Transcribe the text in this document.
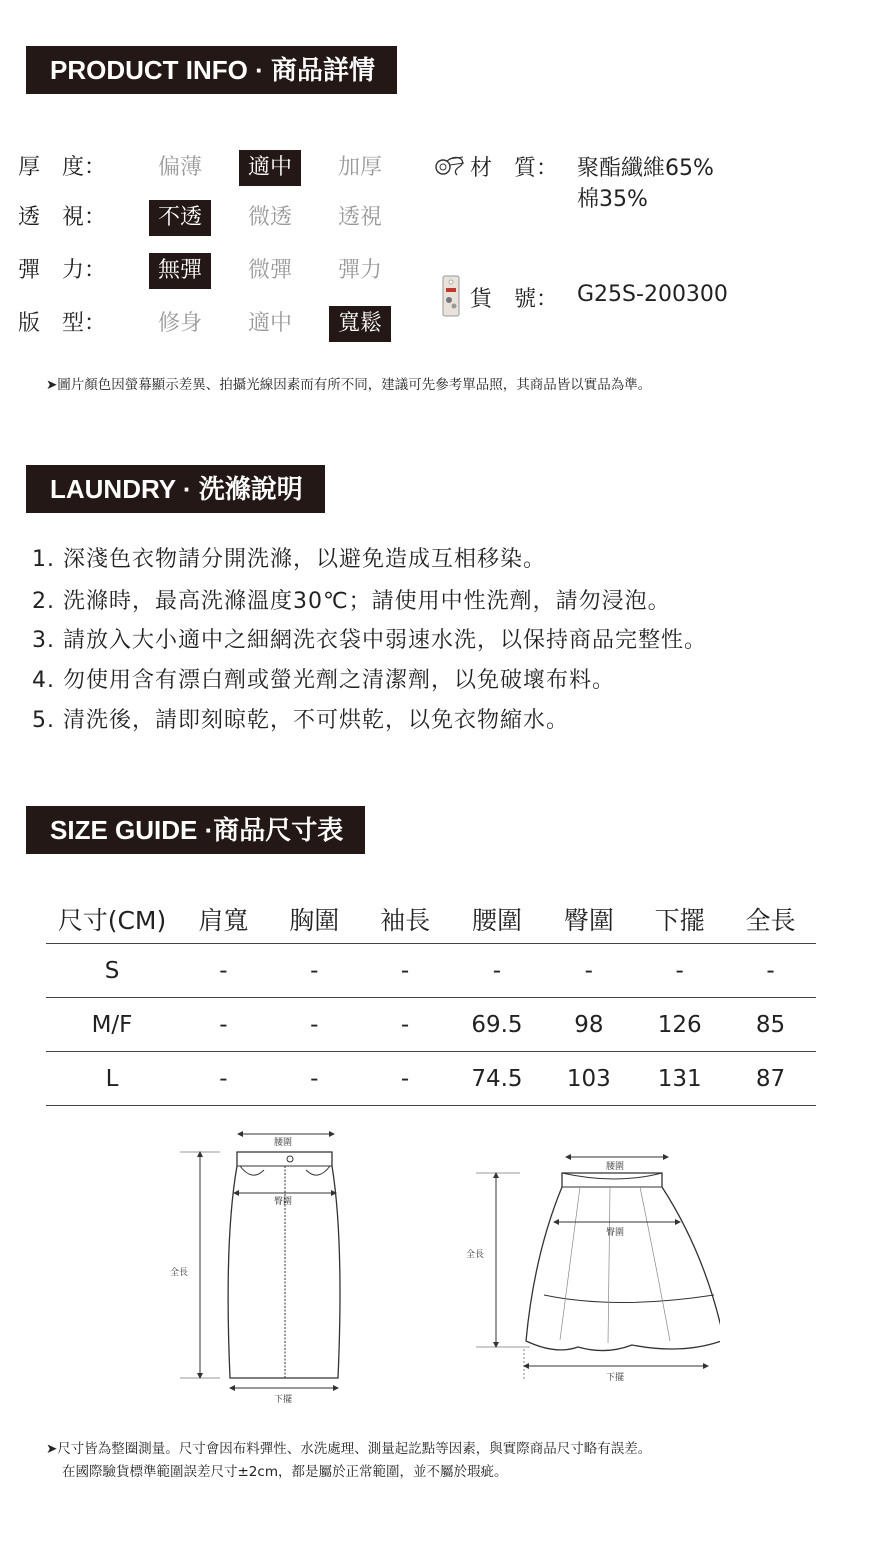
PRODUCT INFO · 商品詳情
厚　度：	偏薄	適中	加厚
透　視：	不透	微透 透視
彈　力：	無彈	微彈 彈力
版　型：	修身 適中	寬鬆
材　質： 聚酯纖維65%
棉35%
貨　號： G25S-200300
➤圖片顏色因螢幕顯示差異、拍攝光線因素而有所不同，建議可先參考單品照，其商品皆以實品為準。
LAUNDRY · 洗滌說明
1. 深淺色衣物請分開洗滌，以避免造成互相移染。
2. 洗滌時，最高洗滌溫度30℃；請使用中性洗劑，請勿浸泡。
3. 請放入大小適中之細網洗衣袋中弱速水洗，以保持商品完整性。
4. 勿使用含有漂白劑或螢光劑之清潔劑，以免破壞布料。
5. 清洗後，請即刻晾乾，不可烘乾，以免衣物縮水。
SIZE GUIDE ·商品尺寸表
尺寸(CM)	肩寬	胸圍	袖長	腰圍	臀圍	下擺	全長
S	-	-	-	-	-	-	-
M/F	-	-	-	69.5	98	126	85
L	-	-	-	74.5	103	131	87
腰圍
臀圍
全長
下擺
腰圍
臀圍
全長
下擺
➤尺寸皆為整圈測量。尺寸會因布料彈性、水洗處理、測量起訖點等因素，與實際商品尺寸略有誤差。
在國際驗貨標準範圍誤差尺寸±2cm，都是屬於正常範圍，並不屬於瑕疵。
